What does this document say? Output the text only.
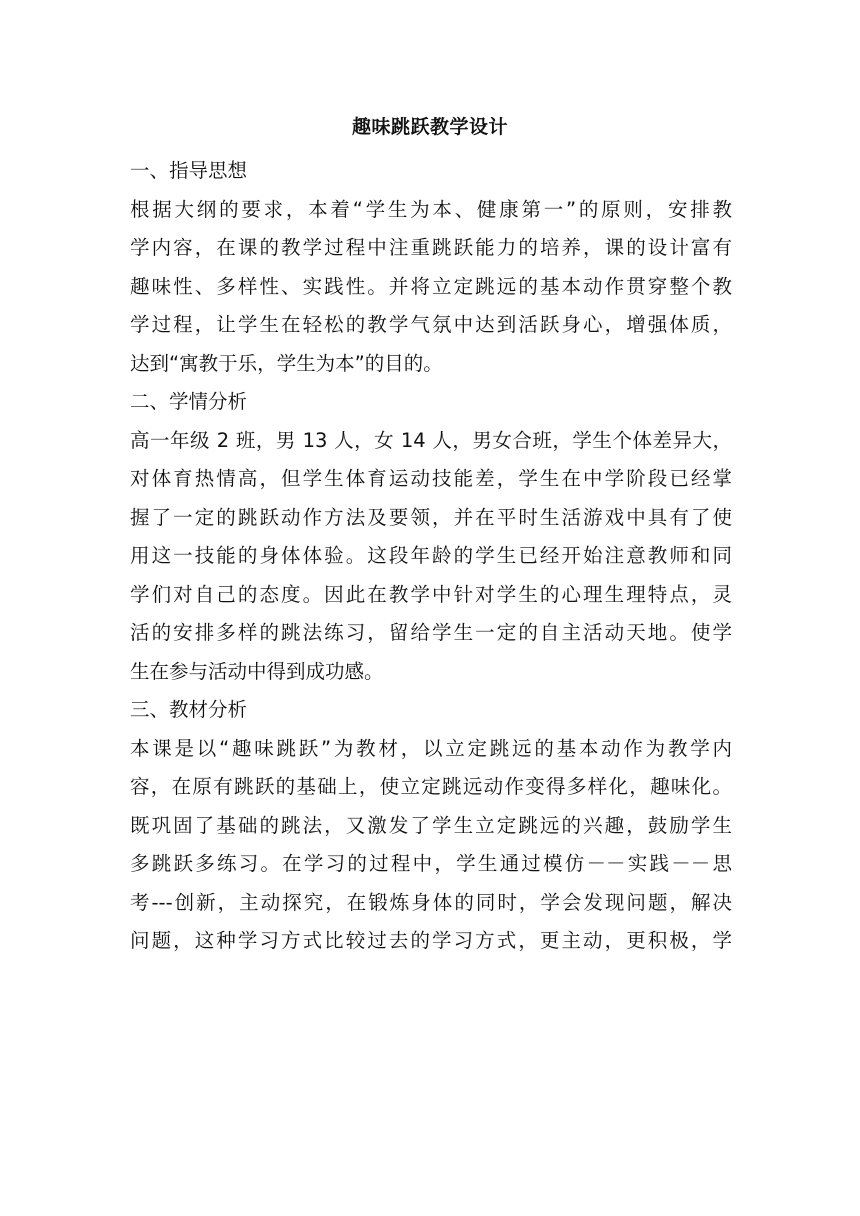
趣味跳跃教学设计
一、指导思想
根据大纲的要求，本着“学生为本、健康第一”的原则，安排教
学内容，在课的教学过程中注重跳跃能力的培养，课的设计富有
趣味性、多样性、实践性。并将立定跳远的基本动作贯穿整个教
学过程，让学生在轻松的教学气氛中达到活跃身心，增强体质，
达到“寓教于乐，学生为本”的目的。
二、学情分析
高一年级 2 班，男 13 人，女 14 人，男女合班，学生个体差异大，
对体育热情高，但学生体育运动技能差，学生在中学阶段已经掌
握了一定的跳跃动作方法及要领，并在平时生活游戏中具有了使
用这一技能的身体体验。这段年龄的学生已经开始注意教师和同
学们对自己的态度。因此在教学中针对学生的心理生理特点，灵
活的安排多样的跳法练习，留给学生一定的自主活动天地。使学
生在参与活动中得到成功感。
三、教材分析
本课是以“趣味跳跃”为教材，以立定跳远的基本动作为教学内
容，在原有跳跃的基础上，使立定跳远动作变得多样化，趣味化。
既巩固了基础的跳法，又激发了学生立定跳远的兴趣，鼓励学生
多跳跃多练习。在学习的过程中，学生通过模仿－－实践－－思
考---创新，主动探究，在锻炼身体的同时，学会发现问题，解决
问题，这种学习方式比较过去的学习方式，更主动，更积极，学
